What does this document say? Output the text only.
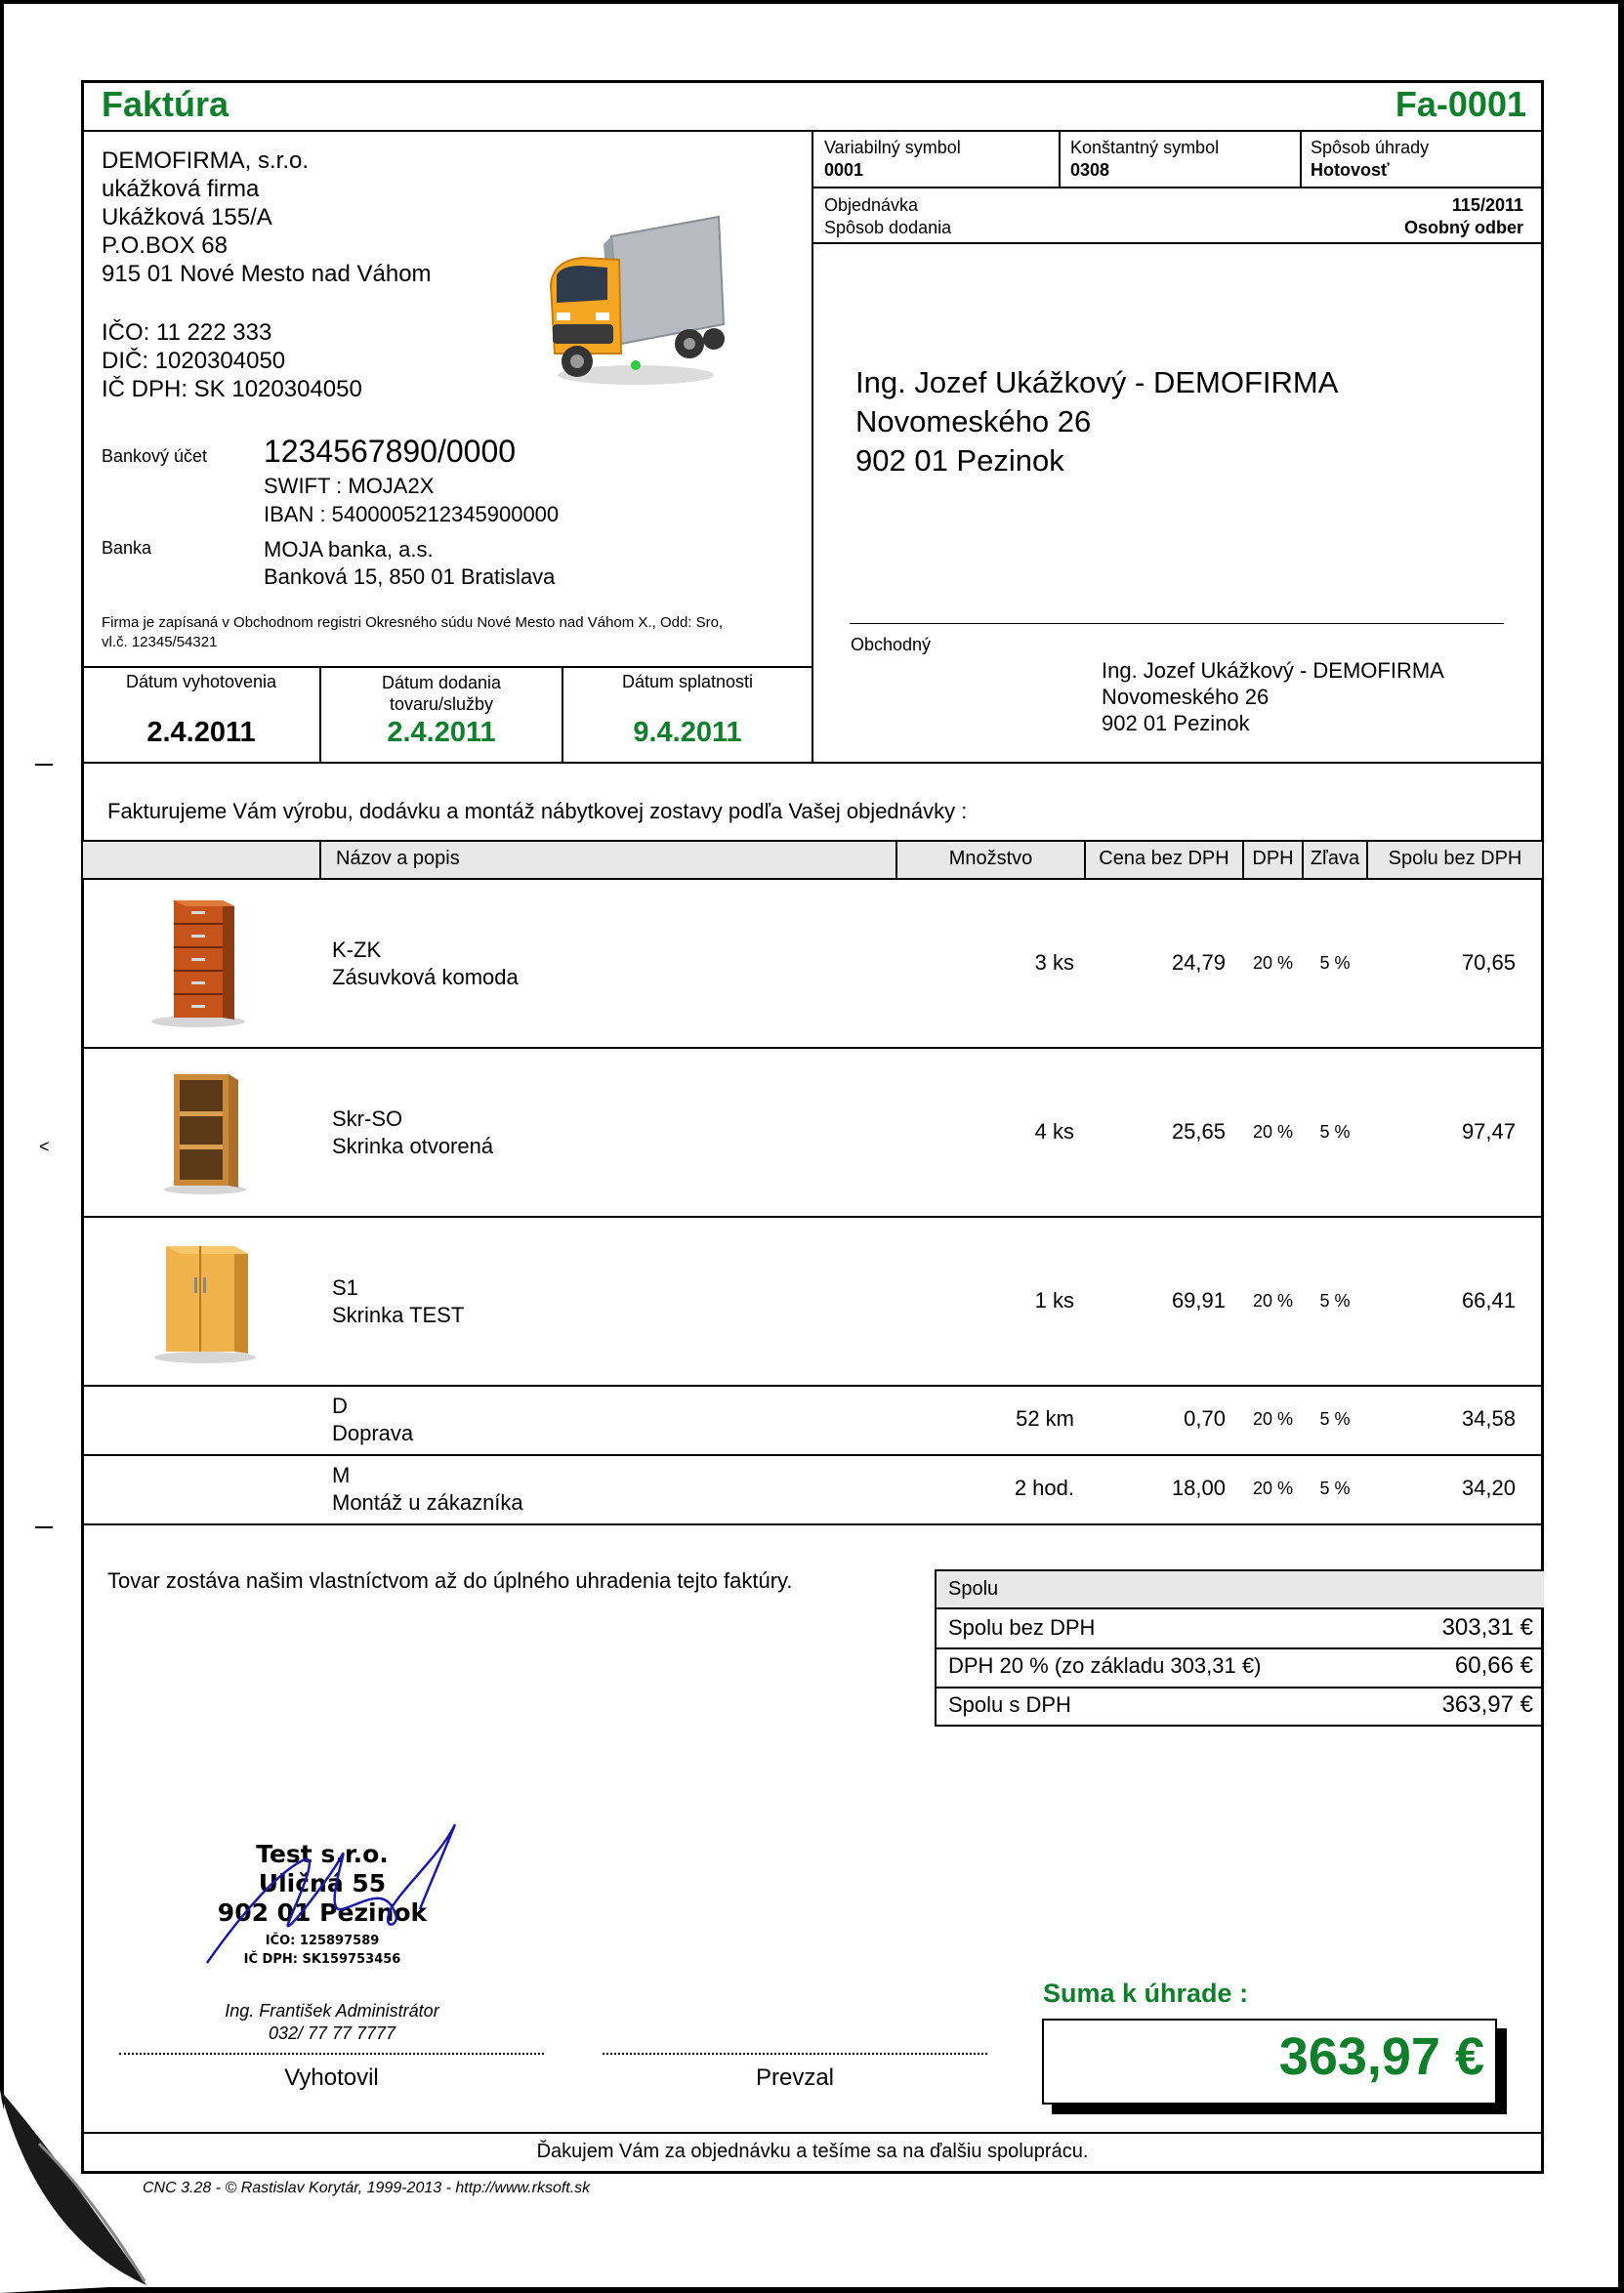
<
Faktúra	Fa-0001
DEMOFIRMA, s.r.o.
ukážková firma
Ukážková 155/A
P.O.BOX 68
915 01 Nové Mesto nad Váhom
IČO: 11 222 333
DIČ: 1020304050
IČ DPH: SK 1020304050
Bankový účet 1234567890/0000
SWIFT : MOJA2X
IBAN : 5400005212345900000
Banka	MOJA banka, a.s.
Banková 15, 850 01 Bratislava
Firma je zapísaná v Obchodnom registri Okresného súdu Nové Mesto nad Váhom X., Odd: Sro,
vl.č. 12345/54321
Dátum vyhotovenia
2.4.2011
Dátum dodania
tovaru/služby
2.4.2011
Dátum splatnosti
9.4.2011
Variabilný symbol
0001
Konštantný symbol
0308
Spôsob úhrady
Hotovosť
Objednávka	115/2011
Spôsob dodania	Osobný odber
Ing. Jozef Ukážkový - DEMOFIRMA
Novomeského 26
902 01 Pezinok
Obchodný
Ing. Jozef Ukážkový - DEMOFIRMA
Novomeského 26
902 01 Pezinok
Fakturujeme Vám výrobu, dodávku a montáž nábytkovej zostavy podľa Vašej objednávky :
Názov a popis	Množstvo	Cena bez DPH	DPH Zľava	Spolu bez DPH
K-ZK
Zásuvková komoda
3 ks	24,79	20 %	5 %	70,65
Skr-SO
Skrinka otvorená
4 ks	25,65	20 %	5 %	97,47
S1
Skrinka TEST
1 ks	69,91	20 %	5 %	66,41
D
Doprava
52 km	0,70	20 %	5 %	34,58
M
Montáž u zákazníka
2 hod.	18,00	20 %	5 %	34,20
Tovar zostáva našim vlastníctvom až do úplného uhradenia tejto faktúry.	Spolu
Spolu bez DPH	303,31 €
DPH 20 % (zo základu 303,31 €)	60,66 €
Spolu s DPH	363,97 €
Test s.r.o.
Uličná 55
902 01 Pezinok
IČO: 125897589
IČ DPH: SK159753456
Ing. František Administrátor
032/ 77 77 7777
Vyhotovil	Prevzal
Suma k úhrade :
363,97 €
Ďakujem Vám za objednávku a tešíme sa na ďalšiu spoluprácu.
CNC 3.28 - © Rastislav Korytár, 1999-2013 - http://www.rksoft.sk
